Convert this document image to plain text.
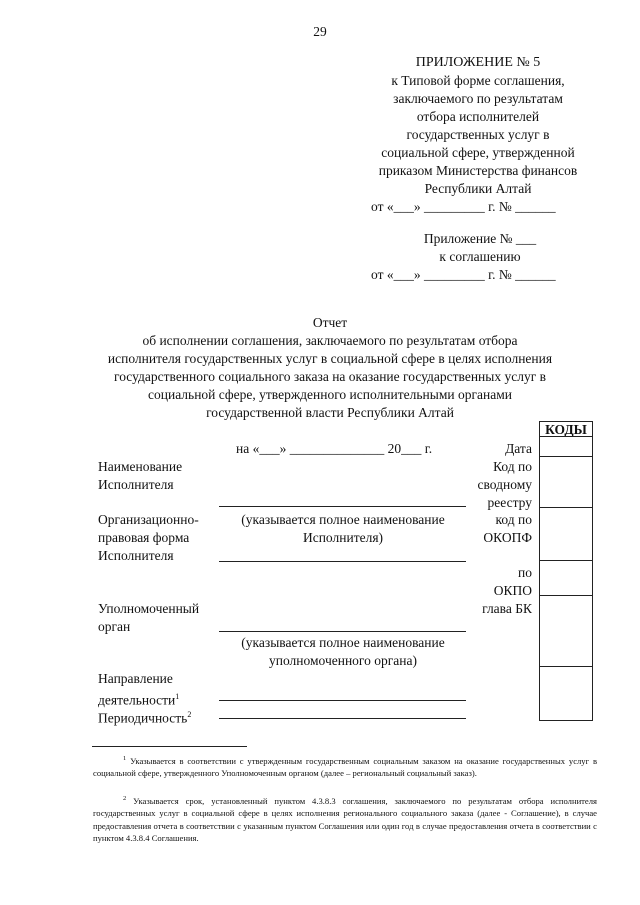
29
ПРИЛОЖЕНИЕ № 5
к Типовой форме соглашения,
заключаемого по результатам
отбора исполнителей
государственных услуг в
социальной сфере, утвержденной
приказом Министерства финансов
Республики Алтай
от «___» _________ г. № ______
Приложение № ___
к соглашению
от «___» _________ г. № ______
Отчет
об исполнении соглашения, заключаемого по результатам отбора
исполнителя государственных услуг в социальной сфере в целях исполнения
государственного социального заказа на оказание государственных услуг в
социальной сфере, утвержденного исполнительными органами
государственной власти Республики Алтай
на «___» ______________ 20___ г.
Наименование
Исполнителя
Организационно-
правовая форма
Исполнителя
(указывается полное наименование
Исполнителя)
Уполномоченный
орган
(указывается полное наименование
уполномоченного органа)
Направление
деятельности$^1$
Периодичность$^2$
Дата
Код по
сводному
реестру
код по
ОКОПФ
по
ОКПО
глава БК
КОДЫ
$^1$ Указывается в соответствии с утвержденным государственным социальным заказом на оказание государственных услуг в социальной сфере, утвержденного Уполномоченным органом (далее – региональный социальный заказ).
$^2$ Указывается срок, установленный пунктом 4.3.8.3 соглашения, заключаемого по результатам отбора исполнителя государственных услуг в социальной сфере в целях исполнения регионального социального заказа (далее - Соглашение), в случае предоставления отчета в соответствии с указанным пунктом Соглашения или один год в случае предоставления отчета в соответствии с пунктом 4.3.8.4 Соглашения.
